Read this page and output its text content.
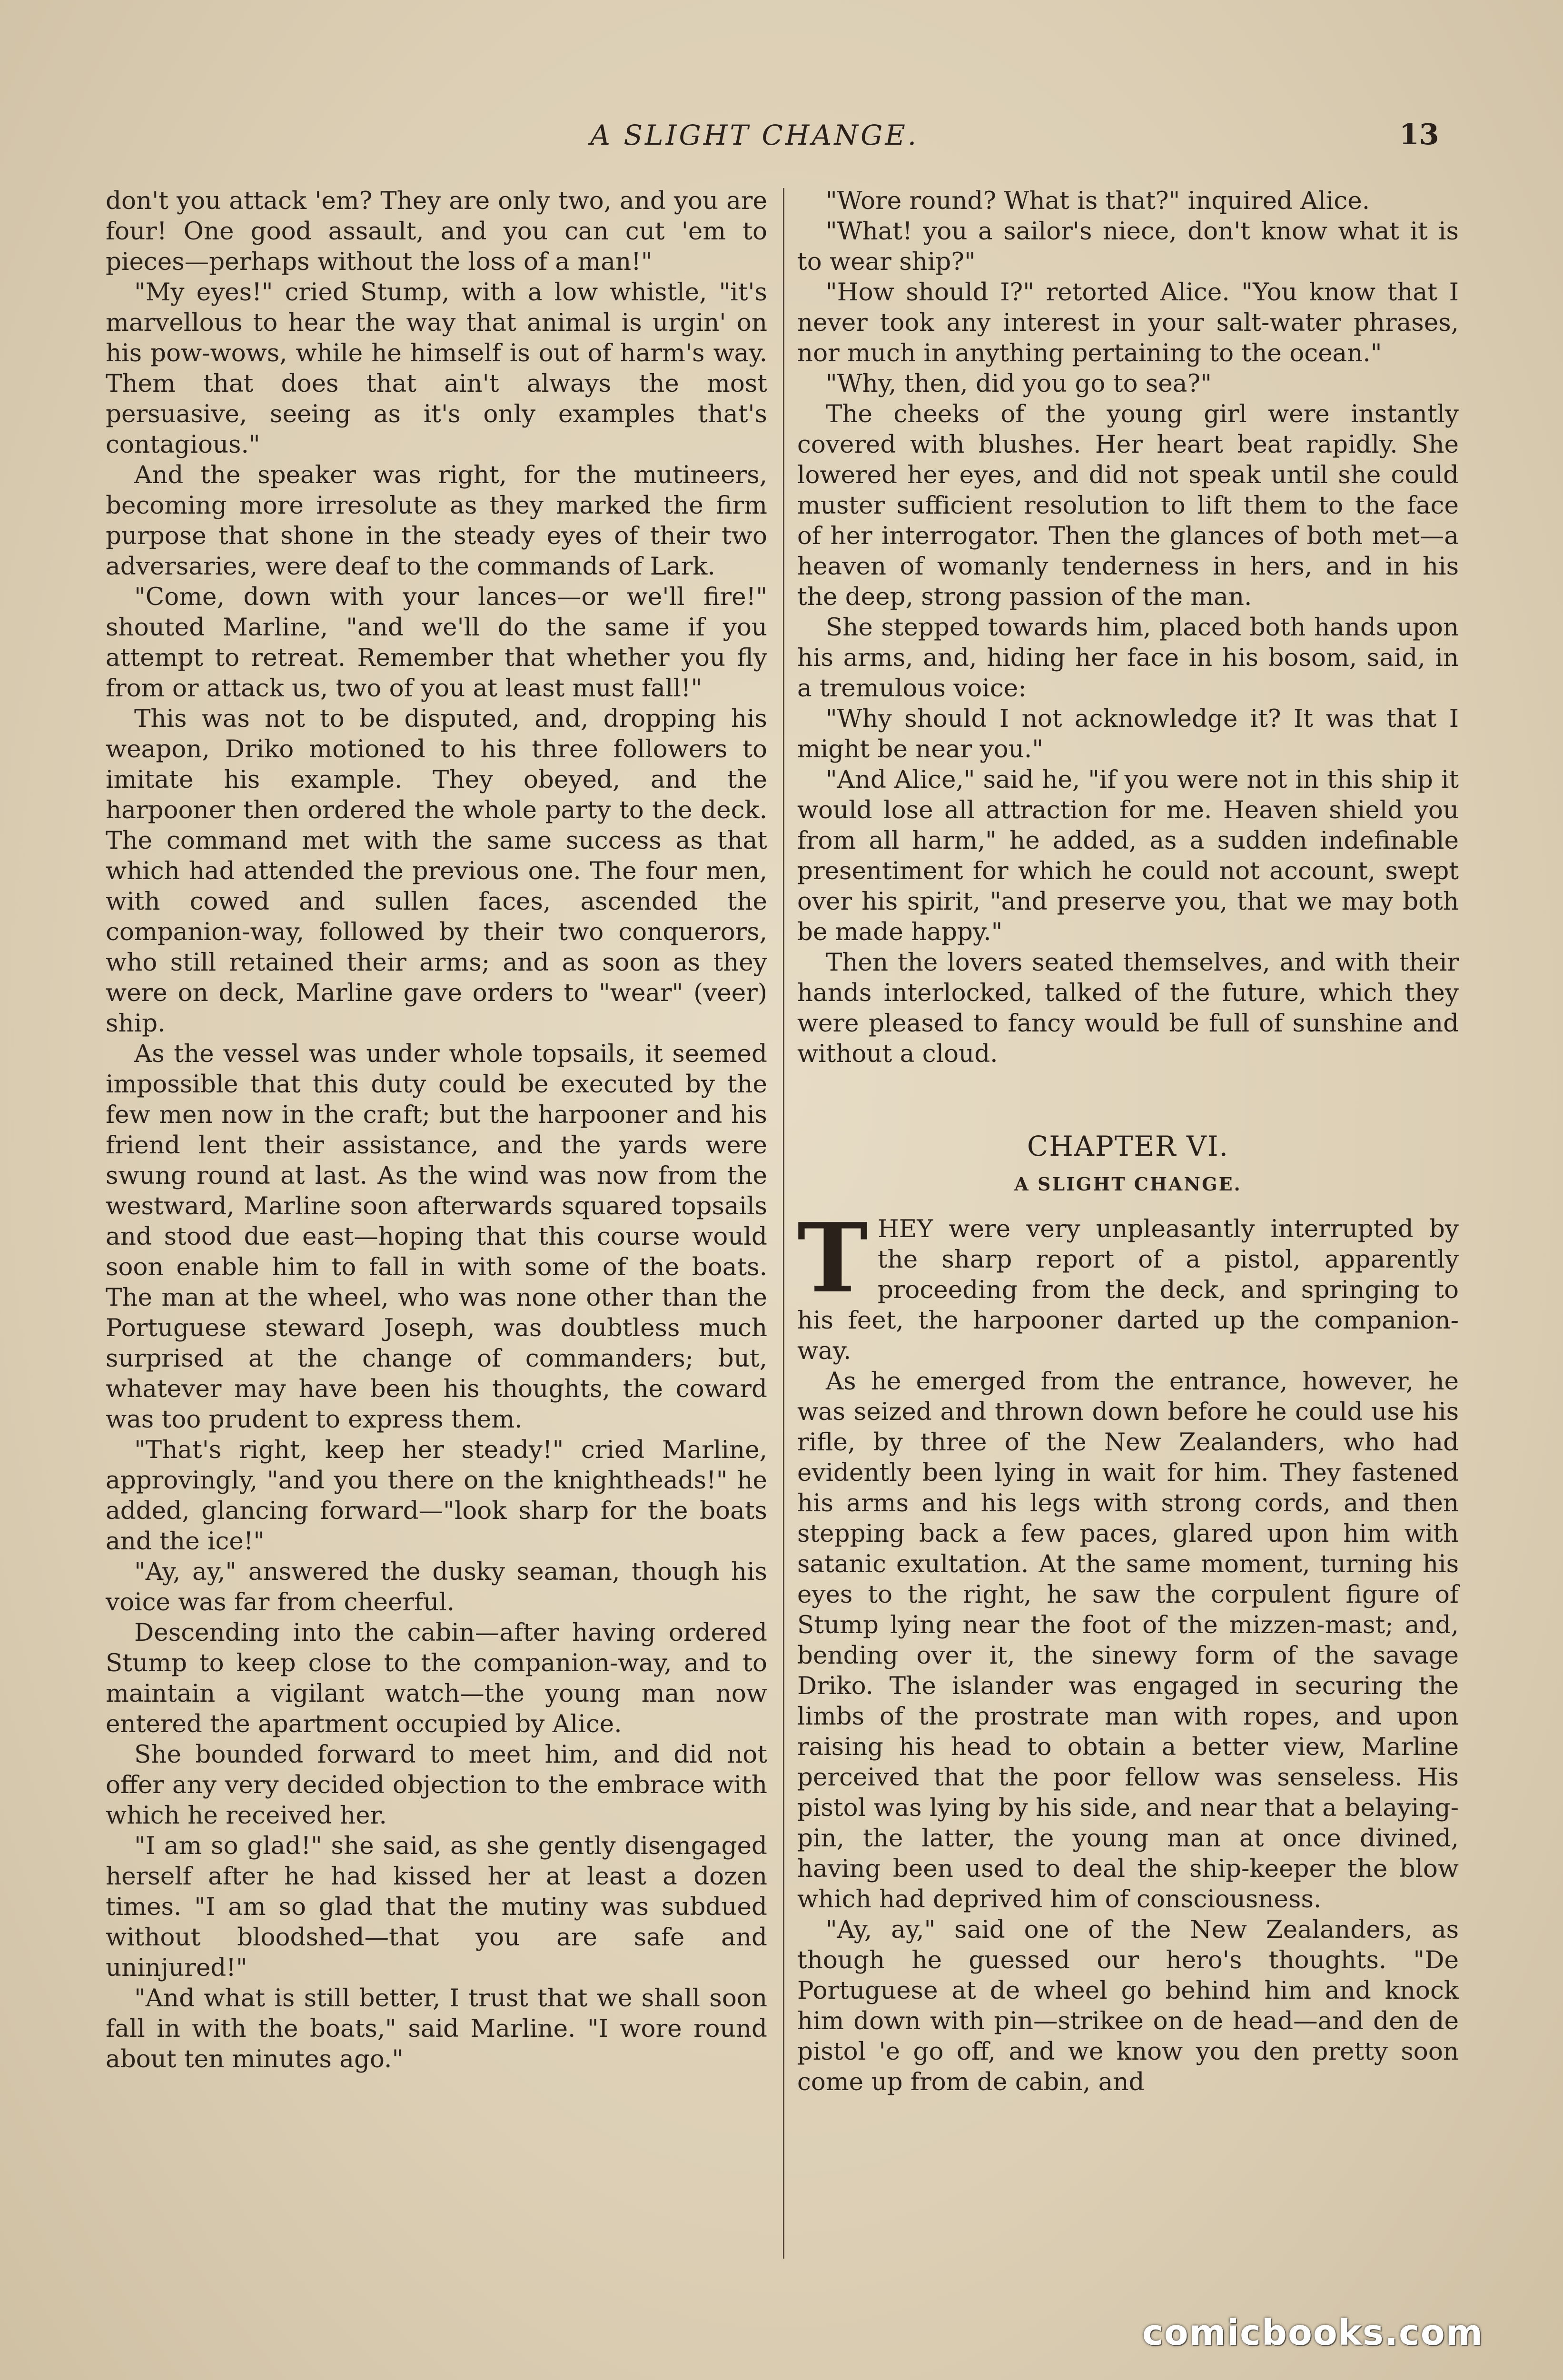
A SLIGHT CHANGE.	13

don't you attack 'em? They are only two, and you are four! One good assault, and you can cut 'em to pieces—perhaps without the loss of a man!"

"My eyes!" cried Stump, with a low whistle, "it's marvellous to hear the way that animal is urgin' on his pow-wows, while he himself is out of harm's way. Them that does that ain't always the most persuasive, seeing as it's only examples that's contagious."

And the speaker was right, for the mutineers, becoming more irresolute as they marked the firm purpose that shone in the steady eyes of their two adversaries, were deaf to the commands of Lark.

"Come, down with your lances—or we'll fire!" shouted Marline, "and we'll do the same if you attempt to retreat. Remember that whether you fly from or attack us, two of you at least must fall!"

This was not to be disputed, and, dropping his weapon, Driko motioned to his three followers to imitate his example. They obeyed, and the harpooner then ordered the whole party to the deck. The command met with the same success as that which had attended the previous one. The four men, with cowed and sullen faces, ascended the companion-way, followed by their two conquerors, who still retained their arms; and as soon as they were on deck, Marline gave orders to "wear" (veer) ship.

As the vessel was under whole topsails, it seemed impossible that this duty could be executed by the few men now in the craft; but the harpooner and his friend lent their assistance, and the yards were swung round at last. As the wind was now from the westward, Marline soon afterwards squared topsails and stood due east—hoping that this course would soon enable him to fall in with some of the boats. The man at the wheel, who was none other than the Portuguese steward Joseph, was doubtless much surprised at the change of commanders; but, whatever may have been his thoughts, the coward was too prudent to express them.

"That's right, keep her steady!" cried Marline, approvingly, "and you there on the knightheads!" he added, glancing forward—"look sharp for the boats and the ice!"

"Ay, ay," answered the dusky seaman, though his voice was far from cheerful.

Descending into the cabin—after having ordered Stump to keep close to the companion-way, and to maintain a vigilant watch—the young man now entered the apartment occupied by Alice.

She bounded forward to meet him, and did not offer any very decided objection to the embrace with which he received her.

"I am so glad!" she said, as she gently disengaged herself after he had kissed her at least a dozen times. "I am so glad that the mutiny was subdued without bloodshed—that you are safe and uninjured!"

"And what is still better, I trust that we shall soon fall in with the boats," said Marline. "I wore round about ten minutes ago."

"Wore round? What is that?" inquired Alice.

"What! you a sailor's niece, don't know what it is to wear ship?"

"How should I?" retorted Alice. "You know that I never took any interest in your salt-water phrases, nor much in anything pertaining to the ocean."

"Why, then, did you go to sea?"

The cheeks of the young girl were instantly covered with blushes. Her heart beat rapidly. She lowered her eyes, and did not speak until she could muster sufficient resolution to lift them to the face of her interrogator. Then the glances of both met—a heaven of womanly tenderness in hers, and in his the deep, strong passion of the man.

She stepped towards him, placed both hands upon his arms, and, hiding her face in his bosom, said, in a tremulous voice:

"Why should I not acknowledge it? It was that I might be near you."

"And Alice," said he, "if you were not in this ship it would lose all attraction for me. Heaven shield you from all harm," he added, as a sudden indefinable presentiment for which he could not account, swept over his spirit, "and preserve you, that we may both be made happy."

Then the lovers seated themselves, and with their hands interlocked, talked of the future, which they were pleased to fancy would be full of sunshine and without a cloud.

CHAPTER VI.
A SLIGHT CHANGE.

THEY were very unpleasantly interrupted by the sharp report of a pistol, apparently proceeding from the deck, and springing to his feet, the harpooner darted up the companion-way.

As he emerged from the entrance, however, he was seized and thrown down before he could use his rifle, by three of the New Zealanders, who had evidently been lying in wait for him. They fastened his arms and his legs with strong cords, and then stepping back a few paces, glared upon him with satanic exultation. At the same moment, turning his eyes to the right, he saw the corpulent figure of Stump lying near the foot of the mizzen-mast; and, bending over it, the sinewy form of the savage Driko. The islander was engaged in securing the limbs of the prostrate man with ropes, and upon raising his head to obtain a better view, Marline perceived that the poor fellow was senseless. His pistol was lying by his side, and near that a belaying-pin, the latter, the young man at once divined, having been used to deal the ship-keeper the blow which had deprived him of consciousness.

"Ay, ay," said one of the New Zealanders, as though he guessed our hero's thoughts. "De Portuguese at de wheel go behind him and knock him down with pin—strikee on de head—and den de pistol 'e go off, and we know you den pretty soon come up from de cabin, and

comicbooks.com
